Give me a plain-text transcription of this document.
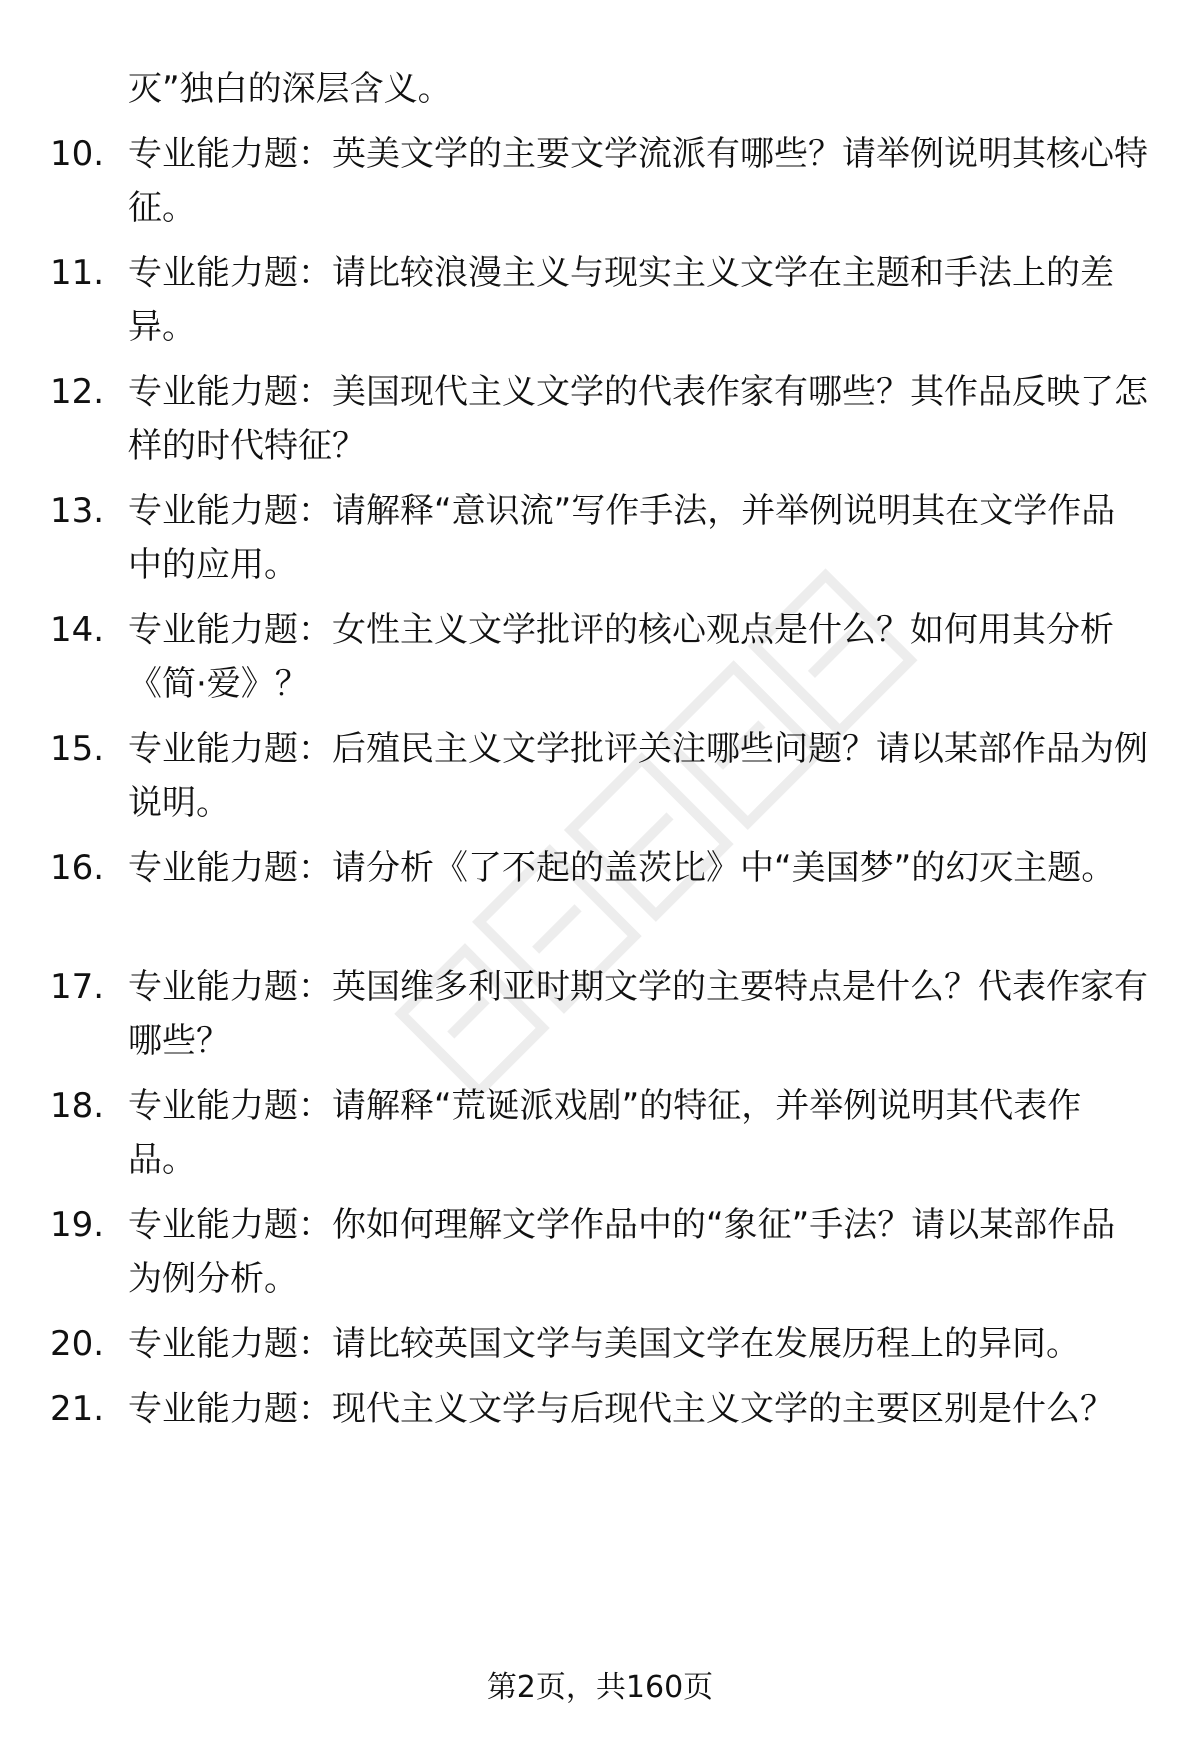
灭”独白的深层含义。
10. 专业能力题：英美文学的主要文学流派有哪些？请举例说明其核心特征。
11. 专业能力题：请比较浪漫主义与现实主义文学在主题和手法上的差异。
12. 专业能力题：美国现代主义文学的代表作家有哪些？其作品反映了怎样的时代特征？
13. 专业能力题：请解释“意识流”写作手法，并举例说明其在文学作品中的应用。
14. 专业能力题：女性主义文学批评的核心观点是什么？如何用其分析《简·爱》？
15. 专业能力题：后殖民主义文学批评关注哪些问题？请以某部作品为例说明。
16. 专业能力题：请分析《了不起的盖茨比》中“美国梦”的幻灭主题。
17. 专业能力题：英国维多利亚时期文学的主要特点是什么？代表作家有哪些？
18. 专业能力题：请解释“荒诞派戏剧”的特征，并举例说明其代表作品。
19. 专业能力题：你如何理解文学作品中的“象征”手法？请以某部作品为例分析。
20. 专业能力题：请比较英国文学与美国文学在发展历程上的异同。
21. 专业能力题：现代主义文学与后现代主义文学的主要区别是什么？
第2页，共160页
